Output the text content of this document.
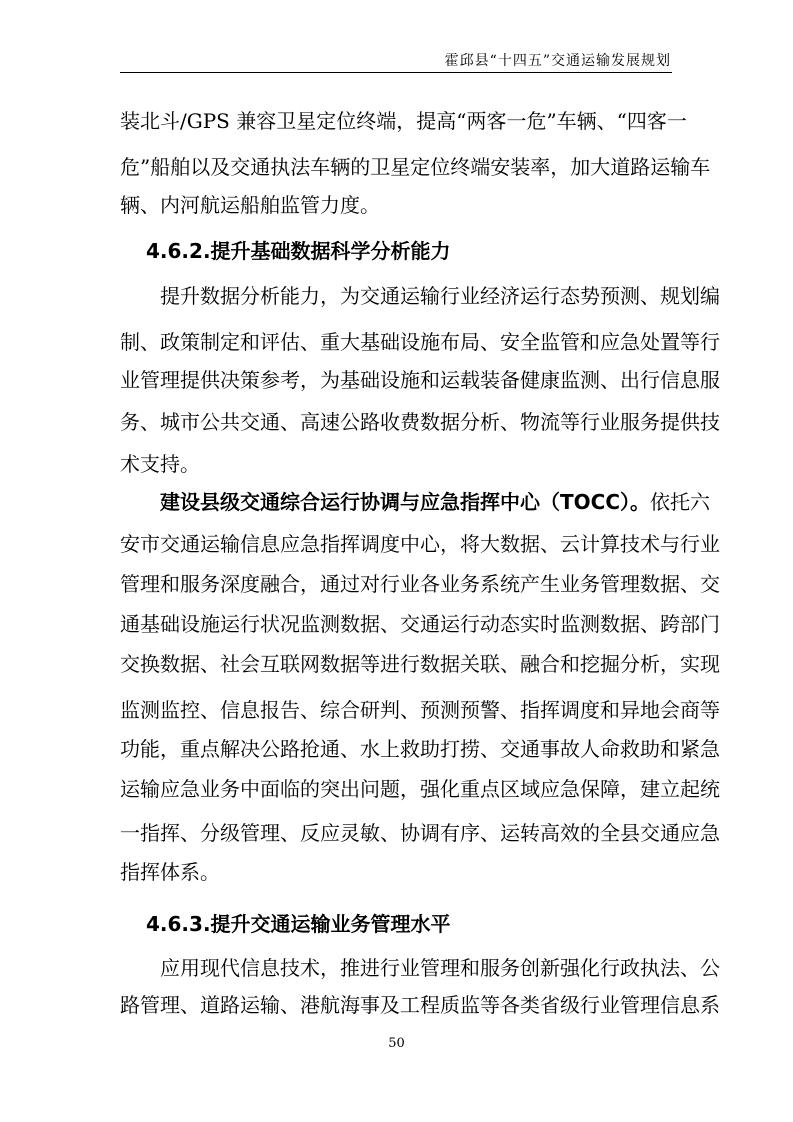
霍邱县“十四五”交通运输发展规划
装北斗/GPS 兼容卫星定位终端，提高“两客一危”车辆、“四客一
危”船舶以及交通执法车辆的卫星定位终端安装率，加大道路运输车
辆、内河航运船舶监管力度。
4.6.2.提升基础数据科学分析能力
　　提升数据分析能力，为交通运输行业经济运行态势预测、规划编
制、政策制定和评估、重大基础设施布局、安全监管和应急处置等行
业管理提供决策参考，为基础设施和运载装备健康监测、出行信息服
务、城市公共交通、高速公路收费数据分析、物流等行业服务提供技
术支持。
　　建设县级交通综合运行协调与应急指挥中心（TOCC）。依托六
安市交通运输信息应急指挥调度中心，将大数据、云计算技术与行业
管理和服务深度融合，通过对行业各业务系统产生业务管理数据、交
通基础设施运行状况监测数据、交通运行动态实时监测数据、跨部门
交换数据、社会互联网数据等进行数据关联、融合和挖掘分析，实现
监测监控、信息报告、综合研判、预测预警、指挥调度和异地会商等
功能，重点解决公路抢通、水上救助打捞、交通事故人命救助和紧急
运输应急业务中面临的突出问题，强化重点区域应急保障，建立起统
一指挥、分级管理、反应灵敏、协调有序、运转高效的全县交通应急
指挥体系。
4.6.3.提升交通运输业务管理水平
　　应用现代信息技术，推进行业管理和服务创新强化行政执法、公
路管理、道路运输、港航海事及工程质监等各类省级行业管理信息系
50
